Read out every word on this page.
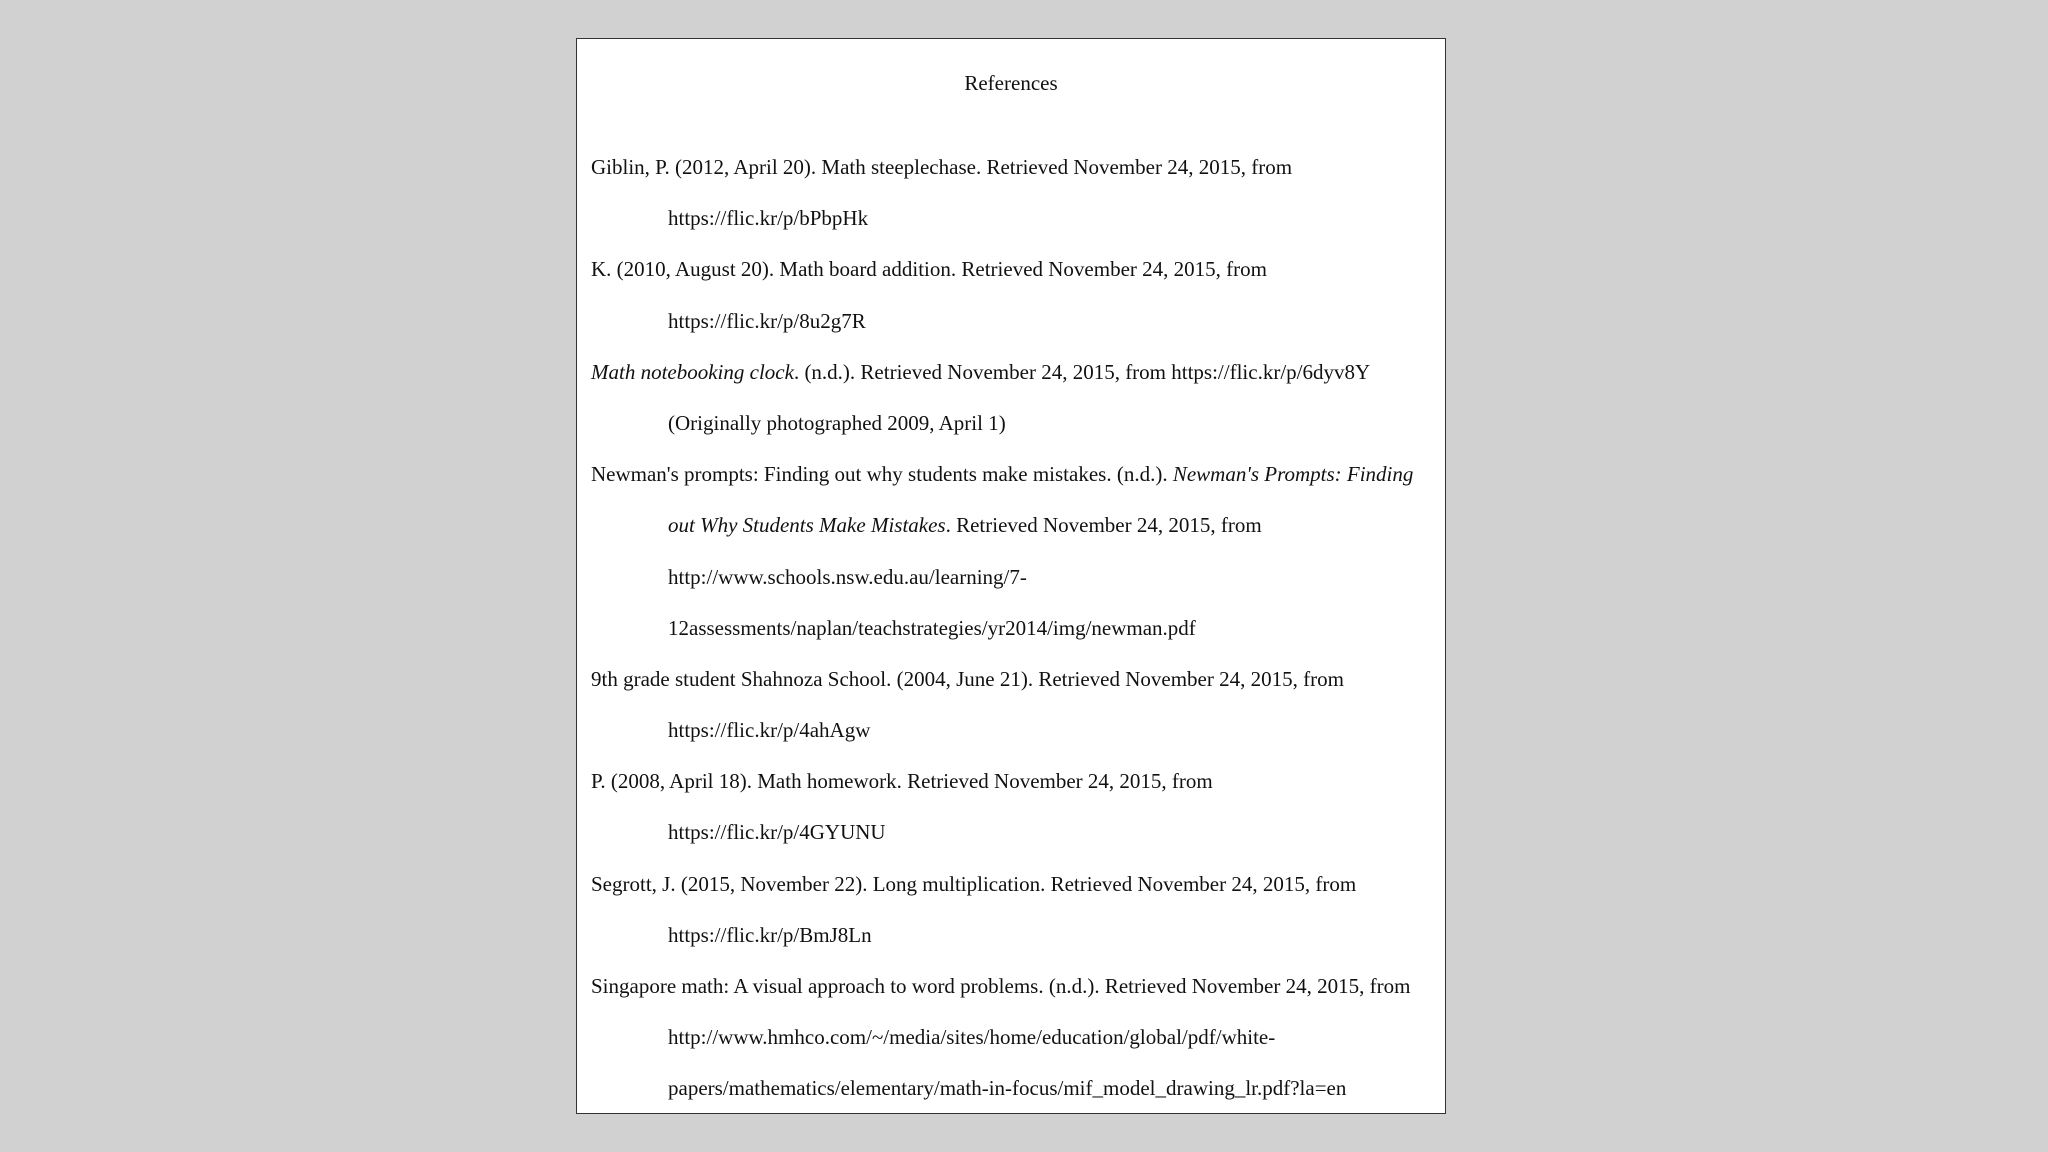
References
Giblin, P. (2012, April 20). Math steeplechase. Retrieved November 24, 2015, from
https://flic.kr/p/bPbpHk
K. (2010, August 20). Math board addition. Retrieved November 24, 2015, from
https://flic.kr/p/8u2g7R
Math notebooking clock. (n.d.). Retrieved November 24, 2015, from https://flic.kr/p/6dyv8Y
(Originally photographed 2009, April 1)
Newman's prompts: Finding out why students make mistakes. (n.d.). Newman's Prompts: Finding
out Why Students Make Mistakes. Retrieved November 24, 2015, from
http://www.schools.nsw.edu.au/learning/7-
12assessments/naplan/teachstrategies/yr2014/img/newman.pdf
9th grade student Shahnoza School. (2004, June 21). Retrieved November 24, 2015, from
https://flic.kr/p/4ahAgw
P. (2008, April 18). Math homework. Retrieved November 24, 2015, from
https://flic.kr/p/4GYUNU
Segrott, J. (2015, November 22). Long multiplication. Retrieved November 24, 2015, from
https://flic.kr/p/BmJ8Ln
Singapore math: A visual approach to word problems. (n.d.). Retrieved November 24, 2015, from
http://www.hmhco.com/~/media/sites/home/education/global/pdf/white-
papers/mathematics/elementary/math-in-focus/mif_model_drawing_lr.pdf?la=en
